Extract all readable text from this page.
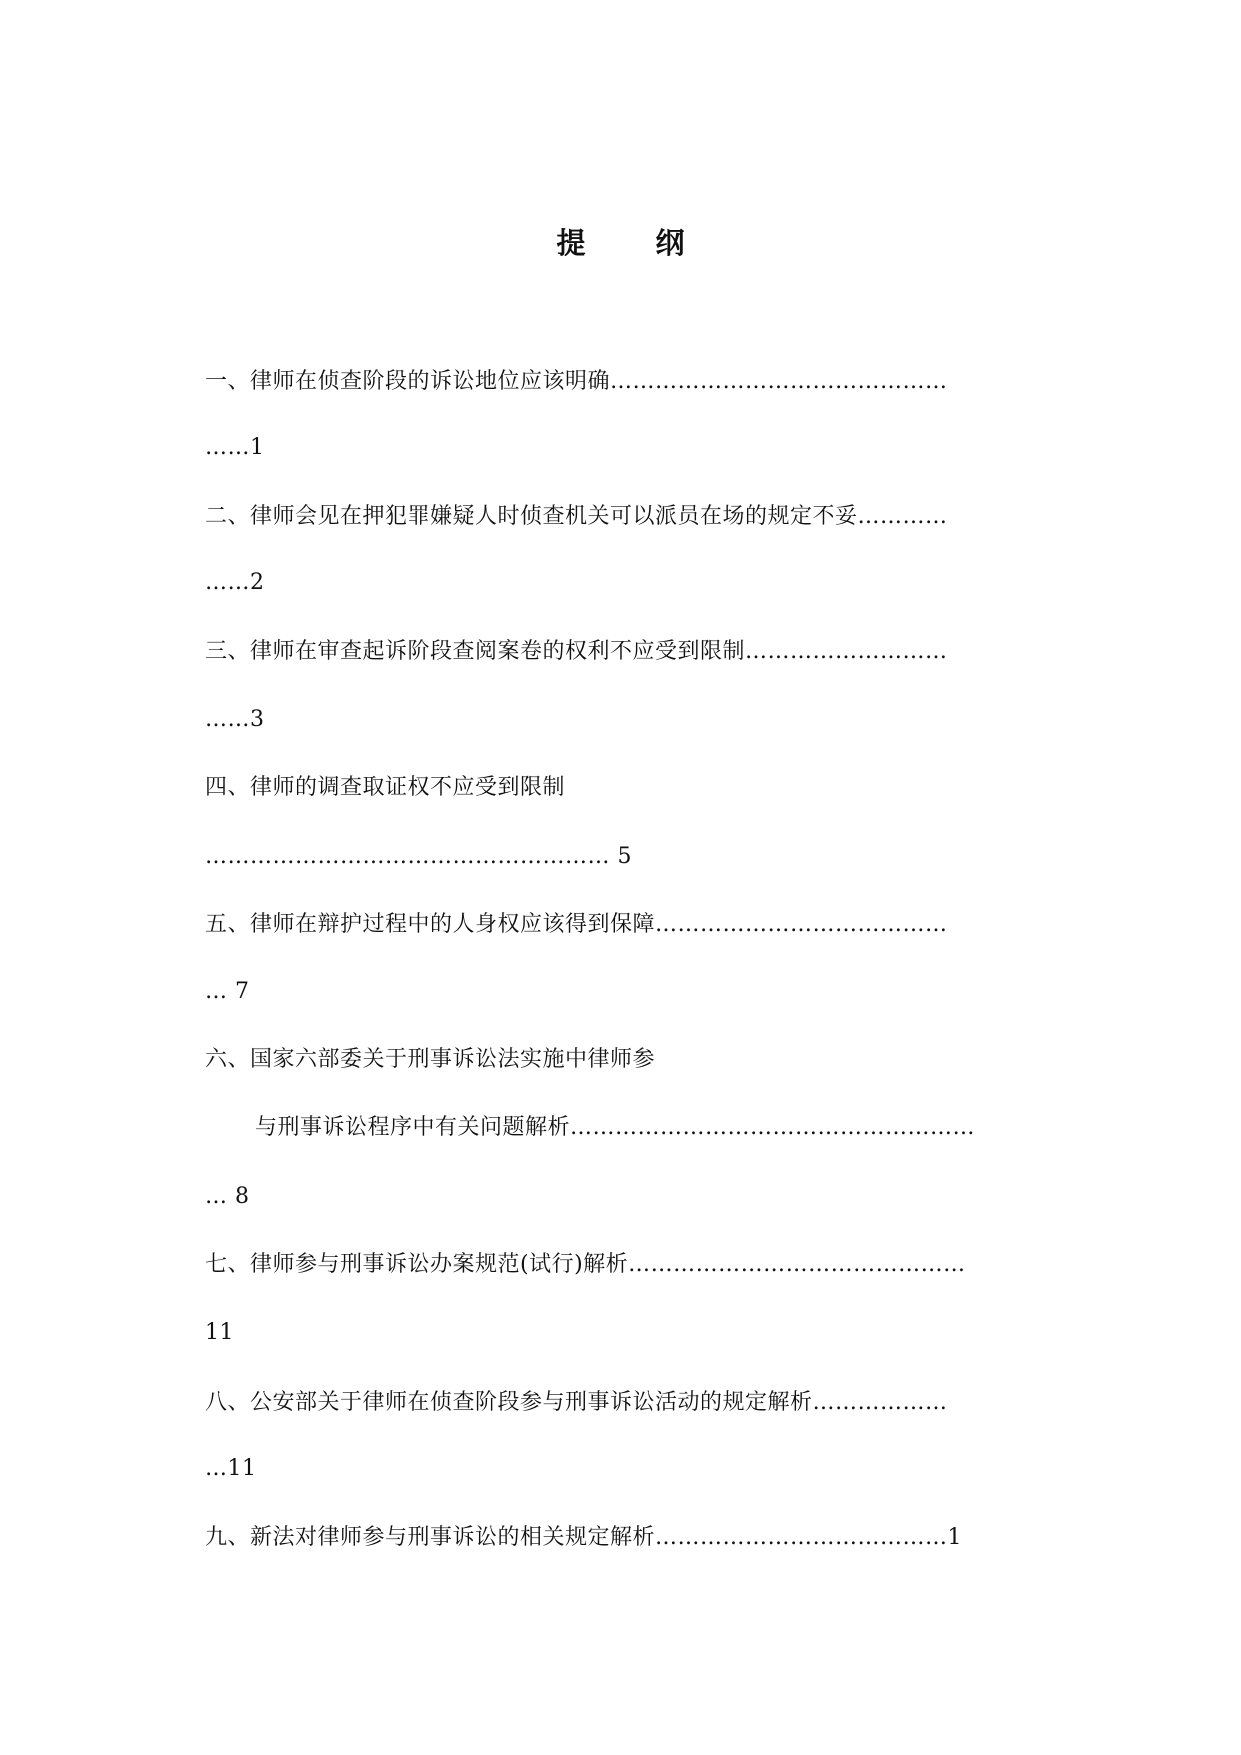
提 纲
一、律师在侦查阶段的诉讼地位应该明确………………………………………
……1
二、律师会见在押犯罪嫌疑人时侦查机关可以派员在场的规定不妥…………
……2
三、律师在审查起诉阶段查阅案卷的权利不应受到限制………………………
……3
四、律师的调查取证权不应受到限制
……………………………………………… 5
五、律师在辩护过程中的人身权应该得到保障…………………………………
… 7
六、国家六部委关于刑事诉讼法实施中律师参
与刑事诉讼程序中有关问题解析………………………………………………
… 8
七、律师参与刑事诉讼办案规范(试行)解析………………………………………
11
八、公安部关于律师在侦查阶段参与刑事诉讼活动的规定解析………………
…11
九、新法对律师参与刑事诉讼的相关规定解析…………………………………1
